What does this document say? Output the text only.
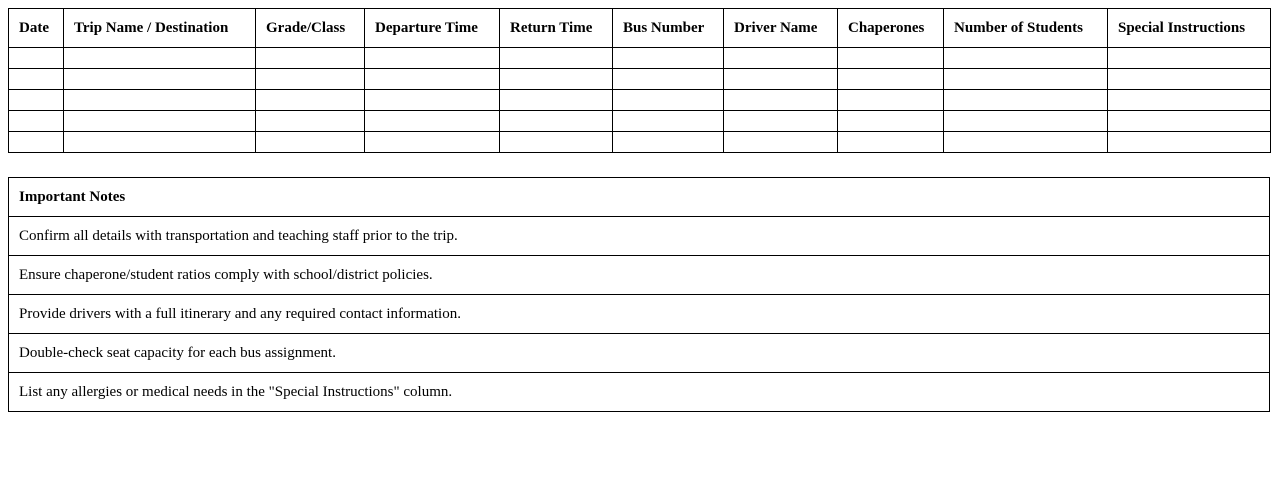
Date	Trip Name / Destination	Grade/Class	Departure Time	Return Time	Bus Number	Driver Name	Chaperones	Number of Students	Special Instructions

Important Notes
Confirm all details with transportation and teaching staff prior to the trip.
Ensure chaperone/student ratios comply with school/district policies.
Provide drivers with a full itinerary and any required contact information.
Double-check seat capacity for each bus assignment.
List any allergies or medical needs in the "Special Instructions" column.
